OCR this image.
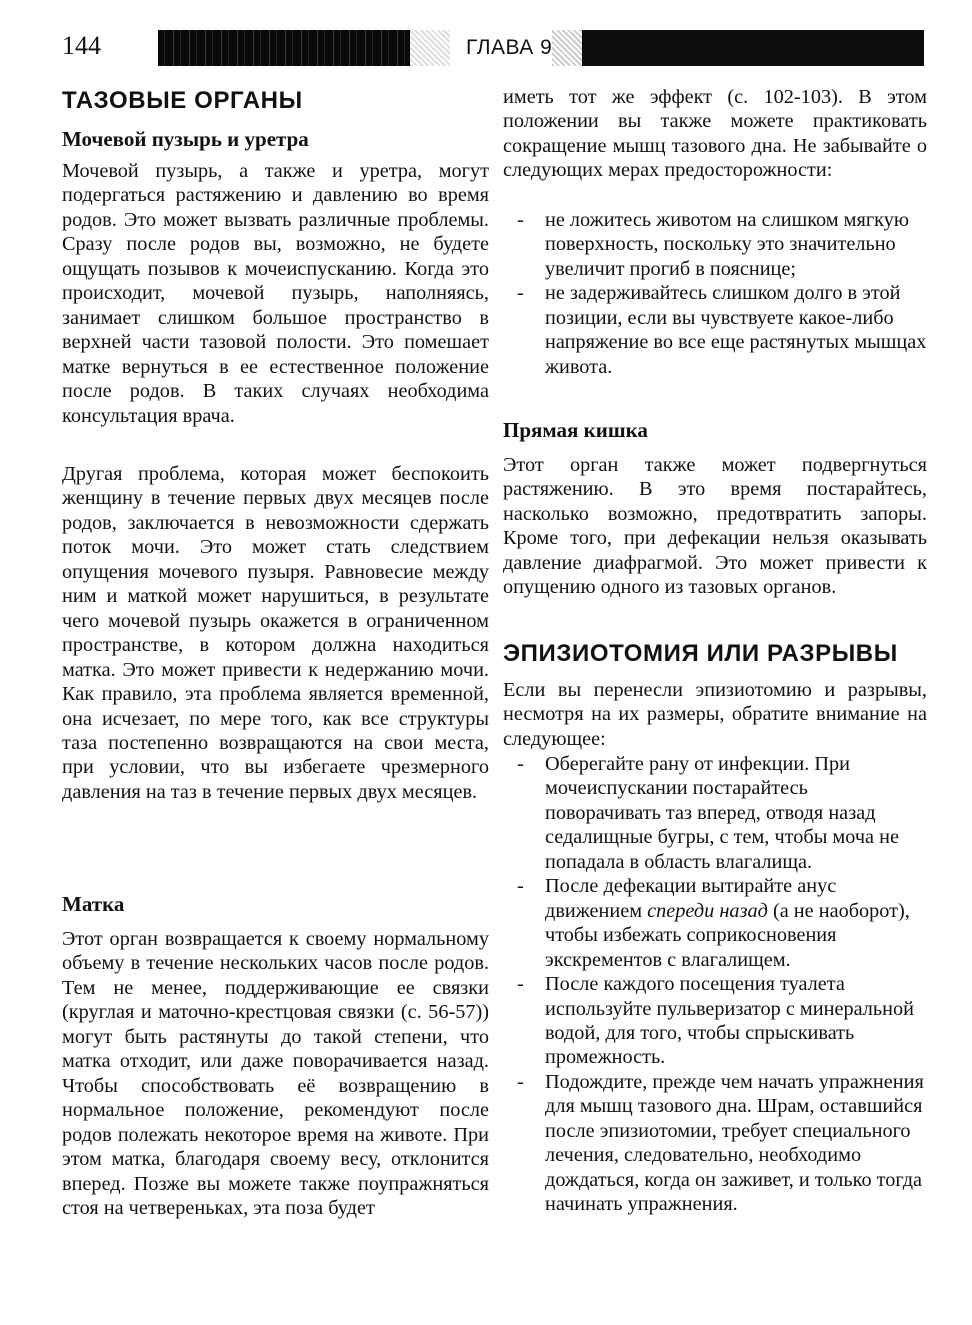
144	ГЛАВА 9
ТАЗОВЫЕ ОРГАНЫ
Мочевой пузырь и уретра

Мочевой пузырь, а также и уретра, могут подергаться растяжению и давлению во время родов. Это может вызвать различные проблемы. Сразу после родов вы, возможно, не будете ощущать позывов к мочеиспусканию. Когда это происходит, мочевой пузырь, наполняясь, занимает слишком большое пространство в верхней части тазовой полости. Это помешает матке вернуться в ее естественное положение после родов. В таких случаях необходима консультация врача.

Другая проблема, которая может беспокоить женщину в течение первых двух месяцев после родов, заключается в невозможности сдержать поток мочи. Это может стать следствием опущения мочевого пузыря. Равновесие между ним и маткой может нарушиться, в результате чего мочевой пузырь окажется в ограниченном пространстве, в котором должна находиться матка. Это может привести к недержанию мочи. Как правило, эта проблема является временной, она исчезает, по мере того, как все структуры таза постепенно возвращаются на свои места, при условии, что вы избегаете чрезмерного давления на таз в течение первых двух месяцев.

Матка

Этот орган возвращается к своему нормальному объему в течение нескольких часов после родов. Тем не менее, поддерживающие ее связки (круглая и маточно-крестцовая связки (с. 56-57)) могут быть растянуты до такой степени, что матка отходит, или даже поворачивается назад. Чтобы способствовать её возвращению в нормальное положение, рекомендуют после родов полежать некоторое время на животе. При этом матка, благодаря своему весу, отклонится вперед. Позже вы можете также поупражняться стоя на четвереньках, эта поза будет

иметь тот же эффект (с. 102-103). В этом положении вы также можете практиковать сокращение мышц тазового дна. Не забывайте о следующих мерах предосторожности:

- не ложитесь животом на слишком мягкую поверхность, поскольку это значительно увеличит прогиб в пояснице;
- не задерживайтесь слишком долго в этой позиции, если вы чувствуете какое-либо напряжение во все еще растянутых мышцах живота.
Прямая кишка

Этот орган также может подвергнуться растяжению. В это время постарайтесь, насколько возможно, предотвратить запоры. Кроме того, при дефекации нельзя оказывать давление диафрагмой. Это может привести к опущению одного из тазовых органов.

ЭПИЗИОТОМИЯ ИЛИ РАЗРЫВЫ

Если вы перенесли эпизиотомию и разрывы, несмотря на их размеры, обратите внимание на следующее:

- Оберегайте рану от инфекции. При мочеиспускании постарайтесь поворачивать таз вперед, отводя назад седалищные бугры, с тем, чтобы моча не попадала в область влагалища.
- После дефекации вытирайте анус движением спереди назад (а не наоборот), чтобы избежать соприкосновения экскрементов с влагалищем.
- После каждого посещения туалета используйте пульверизатор с минеральной водой, для того, чтобы спрыскивать промежность.
- Подождите, прежде чем начать упражнения для мышц тазового дна. Шрам, оставшийся после эпизиотомии, требует специального лечения, следовательно, необходимо дождаться, когда он заживет, и только тогда начинать упражнения.
